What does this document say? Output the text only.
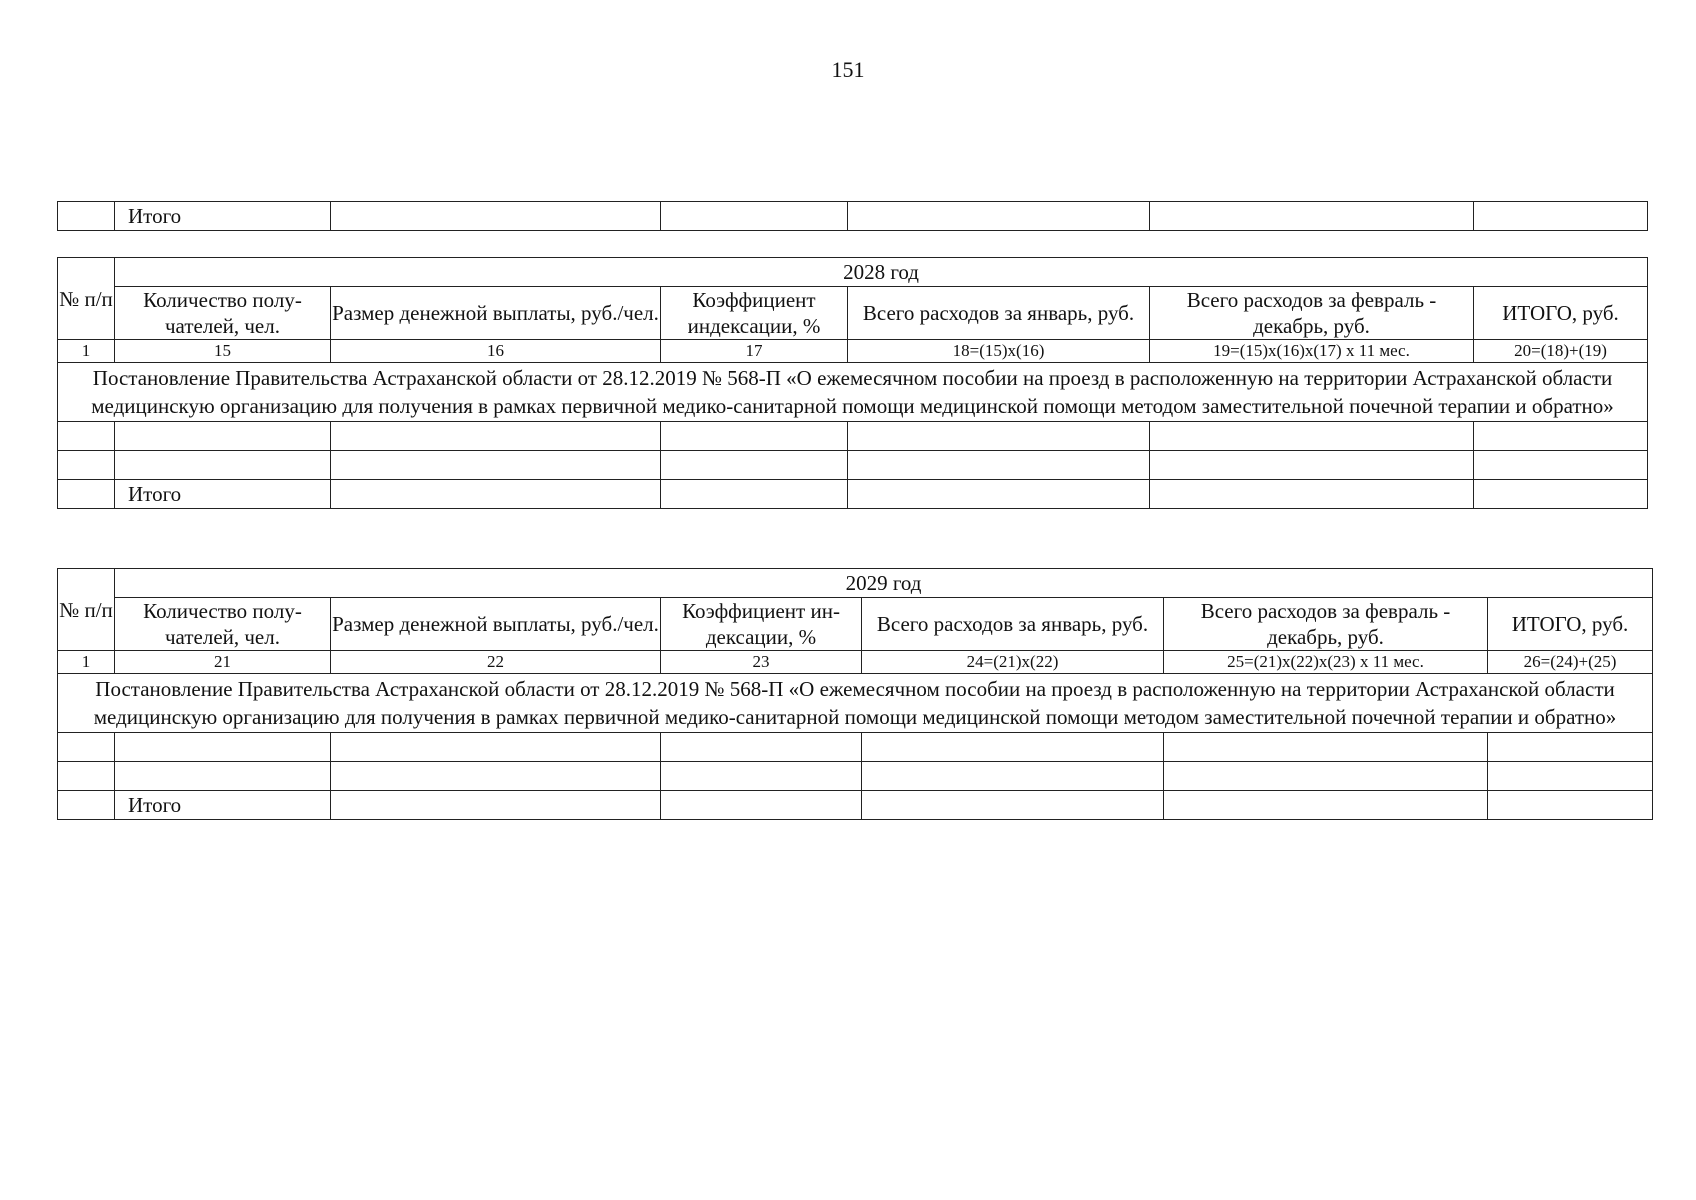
151
	Итого					
№ п/п	2028 год					
	Количество полу-чателей, чел.	Размер денежной выплаты, руб./чел.	Коэффициент индексации, %	Всего расходов за январь, руб.	Всего расходов за февраль - декабрь, руб.	ИТОГО, руб.
1	15	16	17	18=(15)х(16)	19=(15)х(16)х(17) х 11 мес.	20=(18)+(19)
Постановление Правительства Астраханской области от 28.12.2019 № 568-П «О ежемесячном пособии на проезд в расположенную на территории Астраханской области медицинскую организацию для получения в рамках первичной медико-санитарной помощи медицинской помощи методом заместительной почечной терапии и обратно»						

	Итого					
№ п/п	2029 год					
	Количество полу-чателей, чел.	Размер денежной выплаты, руб./чел.	Коэффициент ин-дексации, %	Всего расходов за январь, руб.	Всего расходов за февраль - декабрь, руб.	ИТОГО, руб.
1	21	22	23	24=(21)х(22)	25=(21)х(22)х(23) х 11 мес.	26=(24)+(25)
Постановление Правительства Астраханской области от 28.12.2019 № 568-П «О ежемесячном пособии на проезд в расположенную на территории Астраханской области медицинскую организацию для получения в рамках первичной медико-санитарной помощи медицинской помощи методом заместительной почечной терапии и обратно»						

	Итого					
